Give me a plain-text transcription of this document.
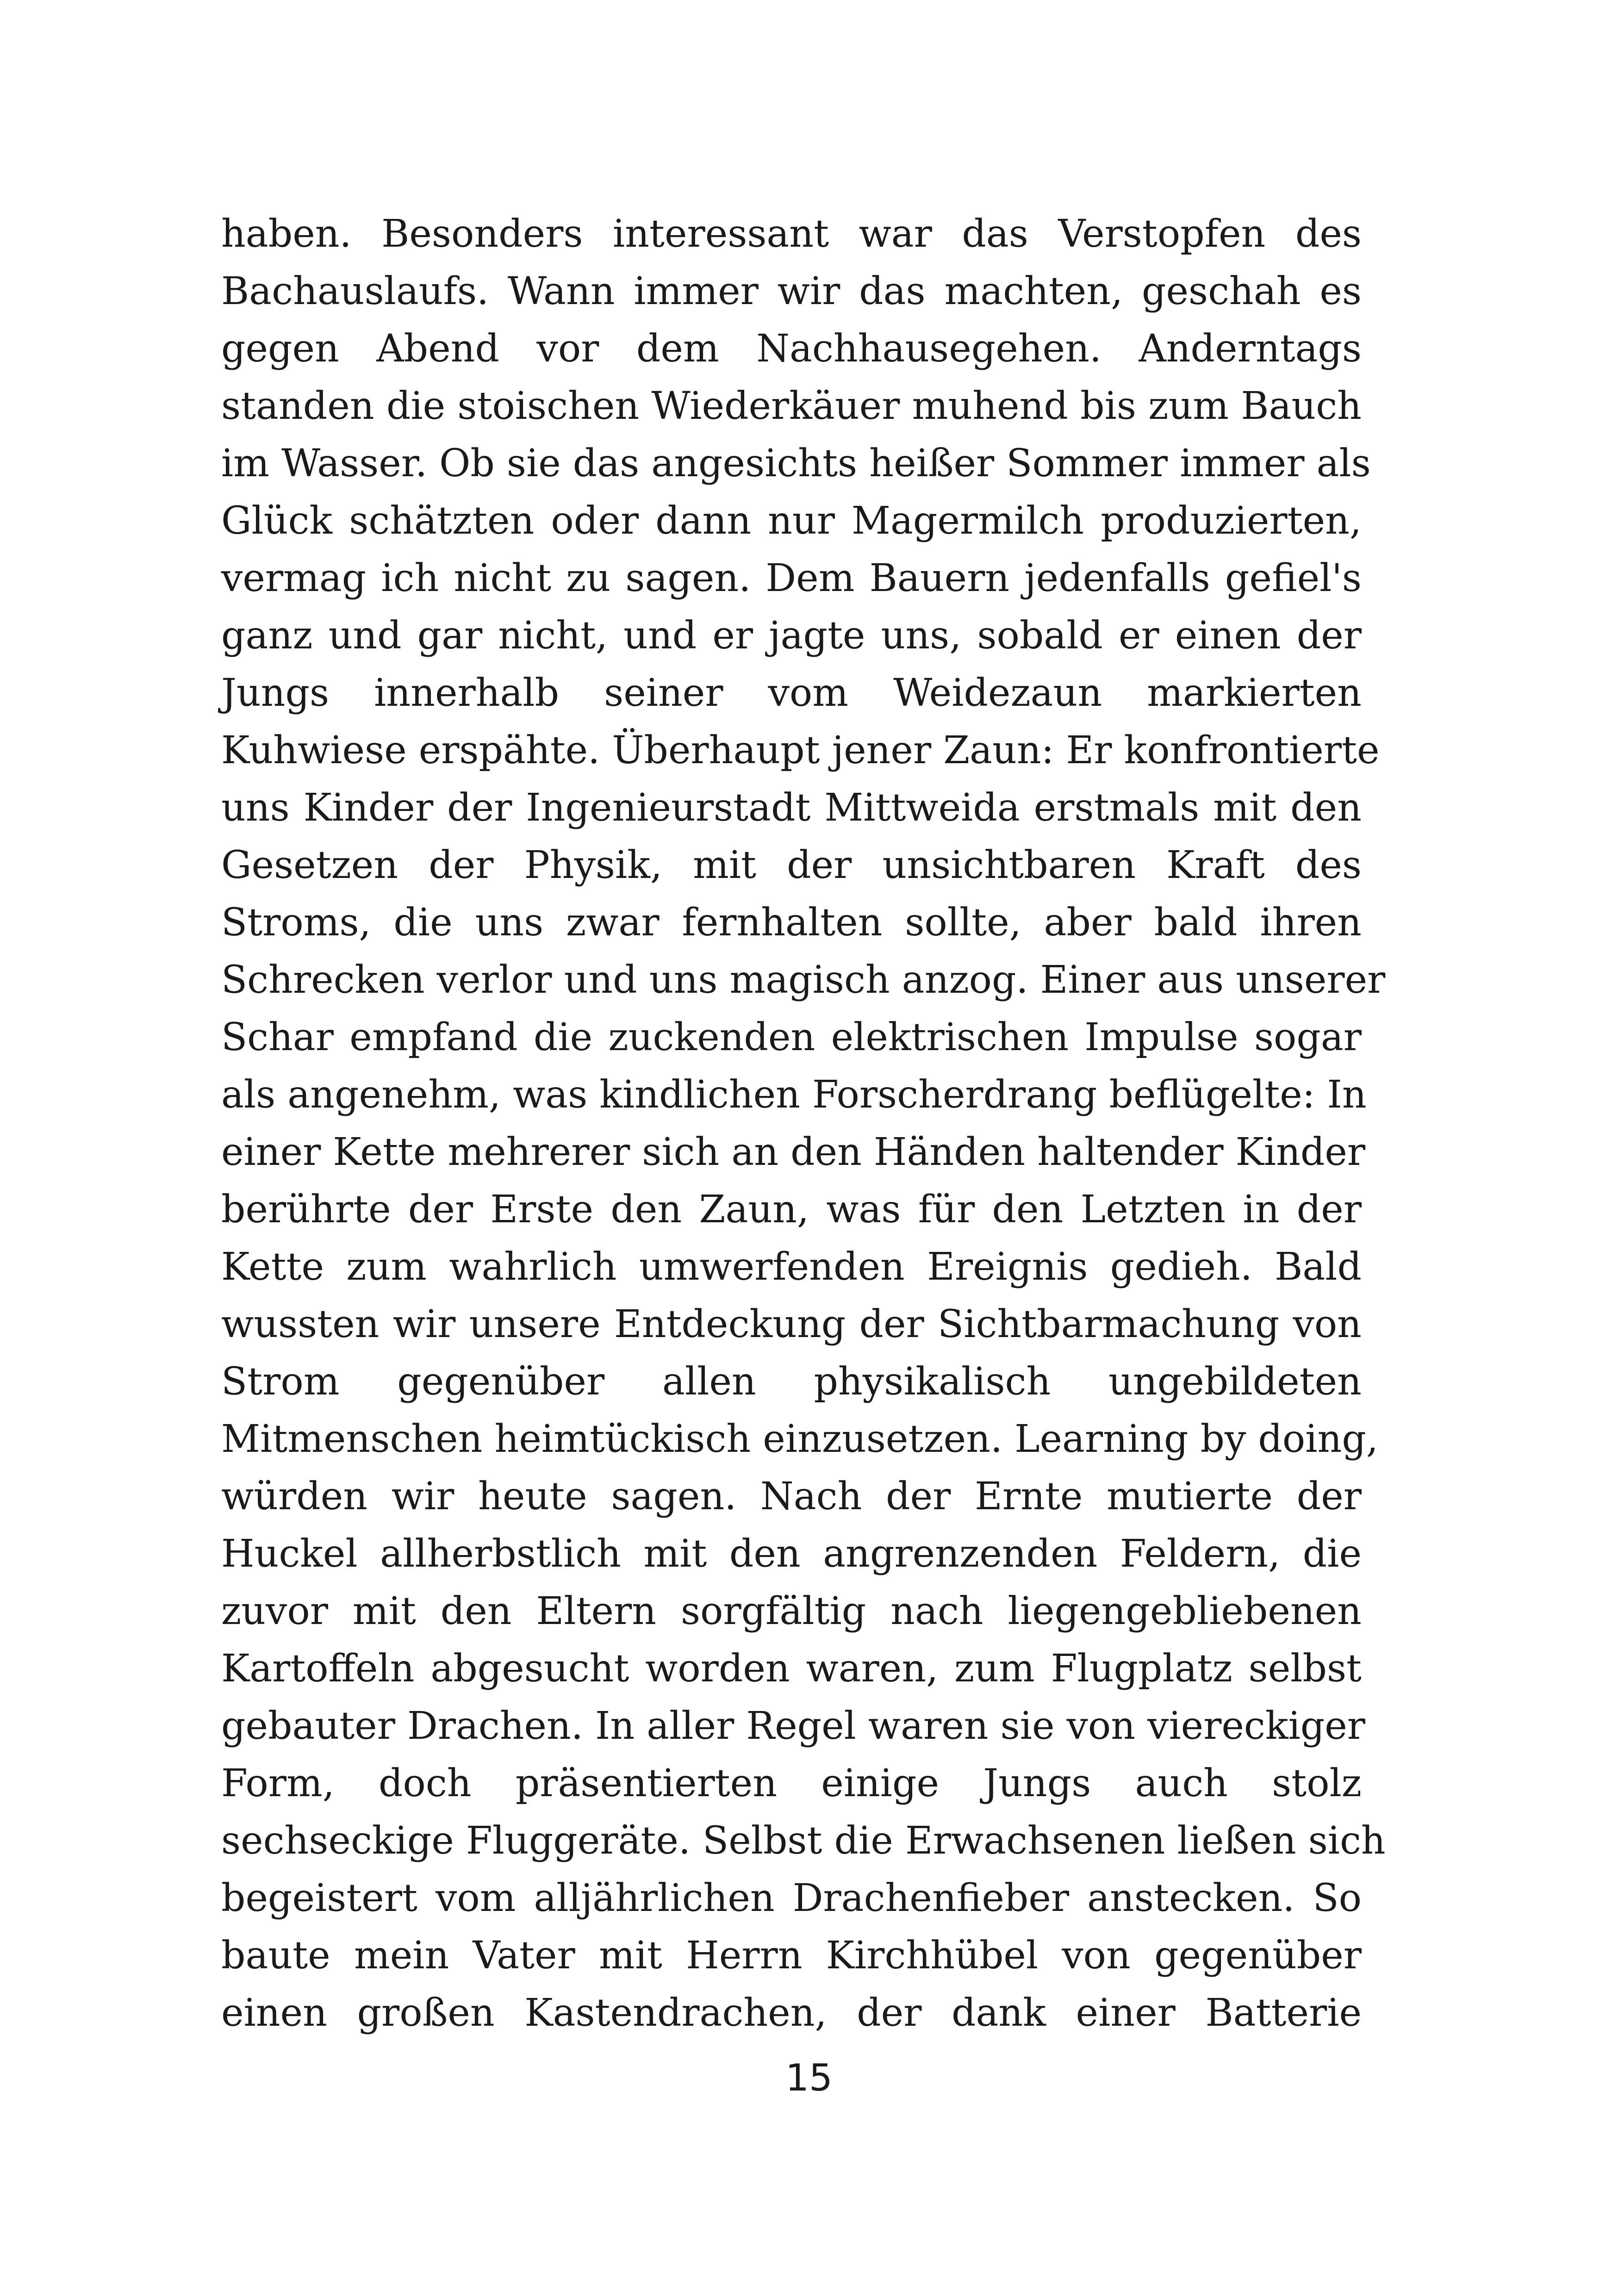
haben. Besonders interessant war das Verstopfen des
Bachauslaufs. Wann immer wir das machten, geschah es
gegen Abend vor dem Nachhausegehen. Anderntags
standen die stoischen Wiederkäuer muhend bis zum Bauch
im Wasser. Ob sie das angesichts heißer Sommer immer als
Glück schätzten oder dann nur Magermilch produzierten,
vermag ich nicht zu sagen. Dem Bauern jedenfalls gefiel's
ganz und gar nicht, und er jagte uns, sobald er einen der
Jungs innerhalb seiner vom Weidezaun markierten
Kuhwiese erspähte. Überhaupt jener Zaun: Er konfrontierte
uns Kinder der Ingenieurstadt Mittweida erstmals mit den
Gesetzen der Physik, mit der unsichtbaren Kraft des
Stroms, die uns zwar fernhalten sollte, aber bald ihren
Schrecken verlor und uns magisch anzog. Einer aus unserer
Schar empfand die zuckenden elektrischen Impulse sogar
als angenehm, was kindlichen Forscherdrang beflügelte: In
einer Kette mehrerer sich an den Händen haltender Kinder
berührte der Erste den Zaun, was für den Letzten in der
Kette zum wahrlich umwerfenden Ereignis gedieh. Bald
wussten wir unsere Entdeckung der Sichtbarmachung von
Strom gegenüber allen physikalisch ungebildeten
Mitmenschen heimtückisch einzusetzen. Learning by doing,
würden wir heute sagen. Nach der Ernte mutierte der
Huckel allherbstlich mit den angrenzenden Feldern, die
zuvor mit den Eltern sorgfältig nach liegengebliebenen
Kartoffeln abgesucht worden waren, zum Flugplatz selbst
gebauter Drachen. In aller Regel waren sie von viereckiger
Form, doch präsentierten einige Jungs auch stolz
sechseckige Fluggeräte. Selbst die Erwachsenen ließen sich
begeistert vom alljährlichen Drachenfieber anstecken. So
baute mein Vater mit Herrn Kirchhübel von gegenüber
einen großen Kastendrachen, der dank einer Batterie
15
